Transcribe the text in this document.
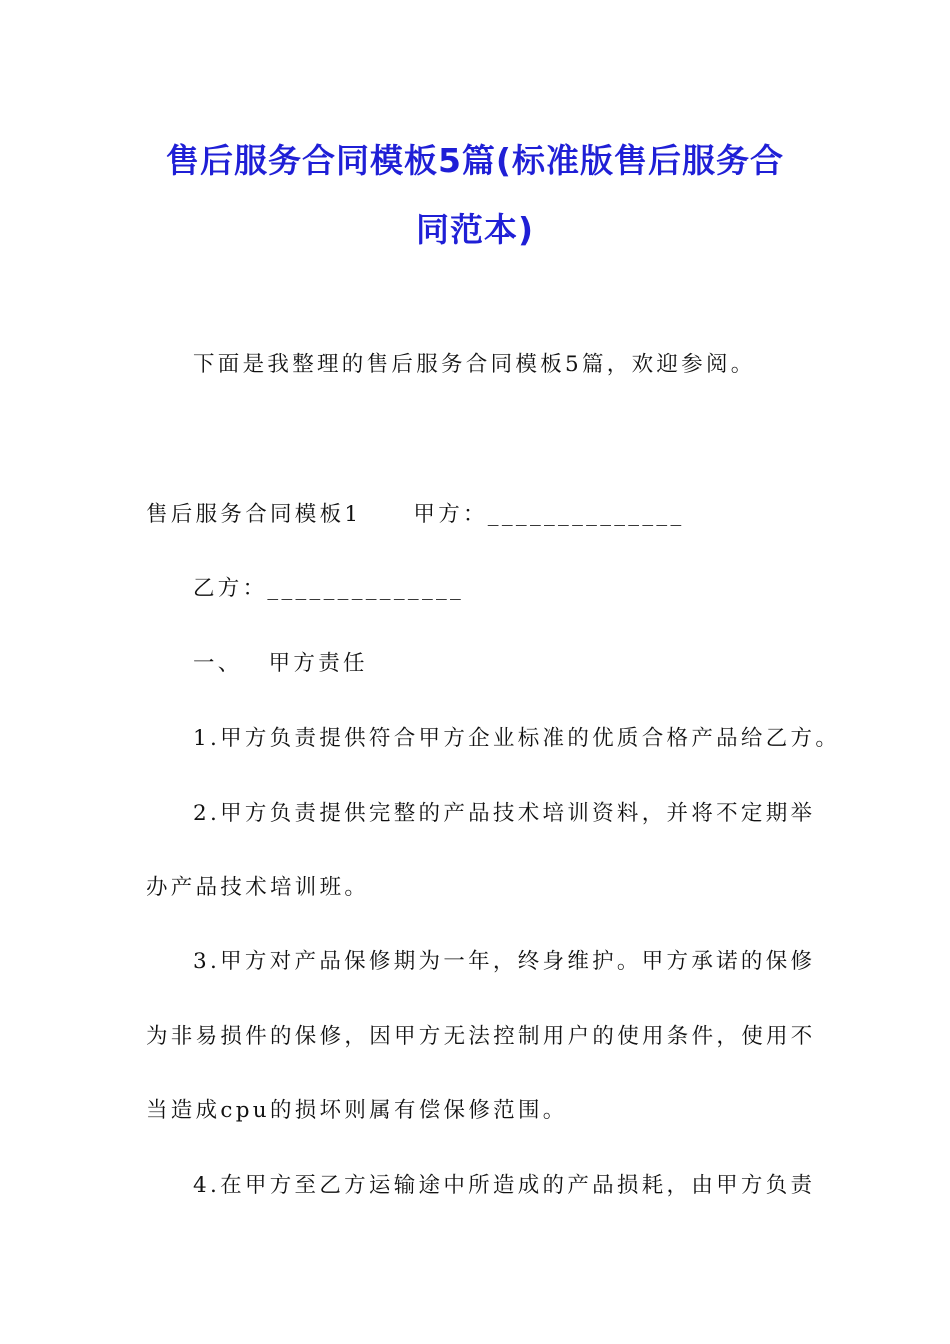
售后服务合同模板5篇(标准版售后服务合
同范本)
下面是我整理的售后服务合同模板5篇，欢迎参阅。
售后服务合同模板1 甲方：______________
乙方：______________
一、 甲方责任
1.甲方负责提供符合甲方企业标准的优质合格产品给乙方。
2.甲方负责提供完整的产品技术培训资料，并将不定期举
办产品技术培训班。
3.甲方对产品保修期为一年，终身维护。甲方承诺的保修
为非易损件的保修，因甲方无法控制用户的使用条件，使用不
当造成cpu的损坏则属有偿保修范围。
4.在甲方至乙方运输途中所造成的产品损耗，由甲方负责
